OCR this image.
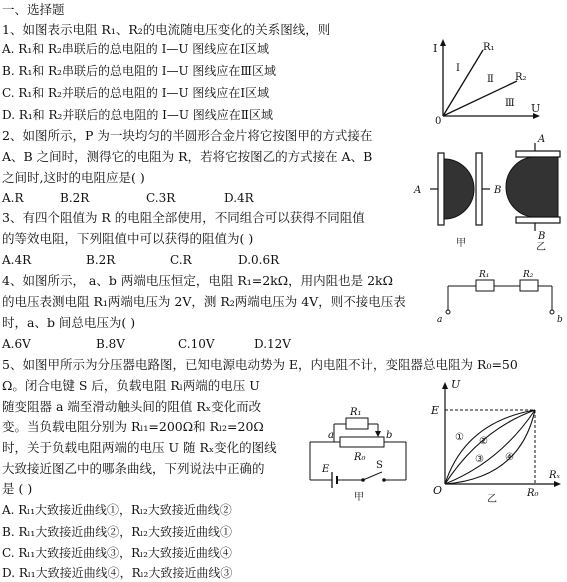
一、选择题
1、如图表示电阻 R₁、R₂的电流随电压变化的关系图线，则
A. R₁和 R₂串联后的总电阻的 I—U 图线应在Ⅰ区域
B. R₁和 R₂串联后的总电阻的 I—U 图线应在Ⅲ区域
C. R₁和 R₂并联后的总电阻的 I—U 图线应在Ⅰ区域
D. R₁和 R₂并联后的总电阻的 I—U 图线应在Ⅱ区域
I
U
0
R₁
R₂
Ⅰ
Ⅱ
Ⅲ
2、如图所示，P 为一块均匀的半圆形合金片将它按图甲的方式接在
A、B 之间时，测得它的电阻为 R，若将它按图乙的方式接在 A、B
之间时,这时的电阻应是( )
A.R	B.2R	C.3R	D.4R
A	B
甲
A
B
乙
3、有四个阻值为 R 的电阻全部使用，不同组合可以获得不同阻值
的等效电阻，下列阻值中可以获得的阻值为( )
A.4R	B.2R	C.R	D.0.6R
4、如图所示， a、b 两端电压恒定，电阻 R₁=2kΩ，用内阻也是 2kΩ
的电压表测电阻 R₁两端电压为 2V，测 R₂两端电压为 4V，则不接电压表
时，a、b 间总电压为( )
A.6V	B.8V	C.10V	D.12V
R₁	R₂
a	b
5、如图甲所示为分压器电路图，已知电源电动势为 E，内电阻不计，变阻器总电阻为 R₀=50
Ω。闭合电键 S 后，负载电阻 Rₗ两端的电压 U
随变阻器 a 端至滑动触头间的阻值 Rₓ变化而改
变。当负载电阻分别为 Rₗ₁=200Ω和 Rₗ₂=20Ω
时，关于负载电阻两端的电压 U 随 Rₓ变化的图线
大致接近图乙中的哪条曲线，下列说法中正确的
是 ( )
A. Rₗ₁大致接近曲线①，Rₗ₂大致接近曲线②
B. Rₗ₁大致接近曲线②，Rₗ₂大致接近曲线①
C. Rₗ₁大致接近曲线③，Rₗ₂大致接近曲线④
D. Rₗ₁大致接近曲线④，Rₗ₂大致接近曲线③
R₁
a	b
R₀
E	S
甲
U
Rₓ
O
E
R₀
① ②
③ ④
乙
